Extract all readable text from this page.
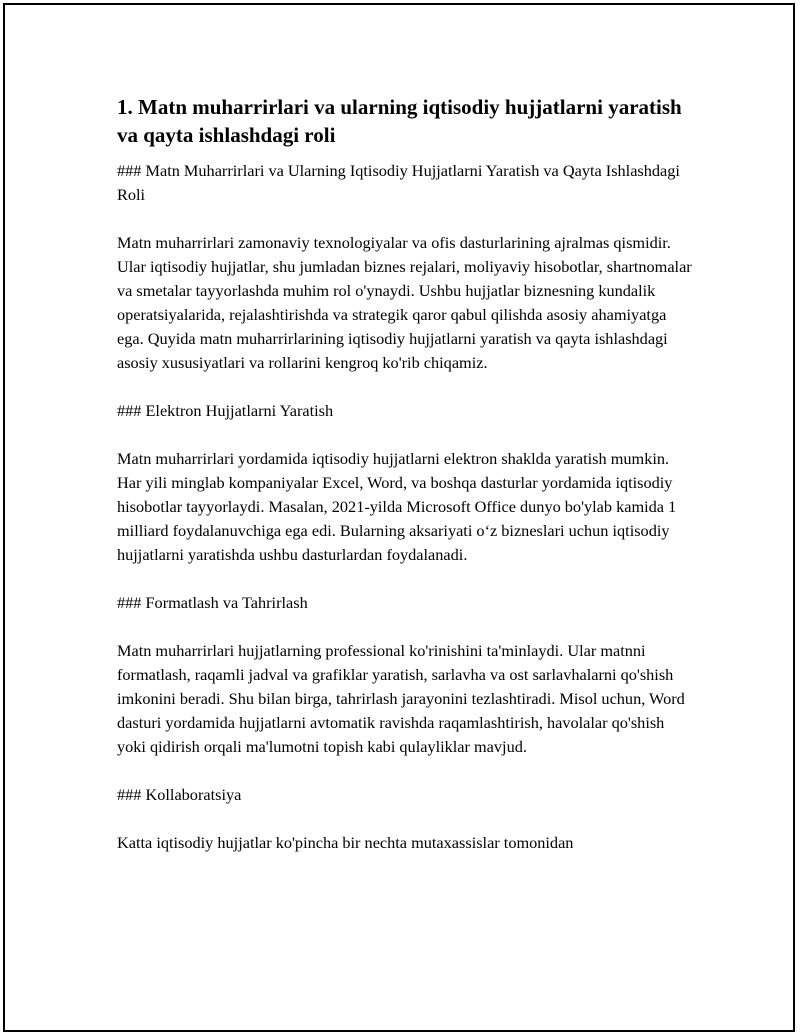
1. Matn muharrirlari va ularning iqtisodiy hujjatlarni yaratish va qayta ishlashdagi roli

### Matn Muharrirlari va Ularning Iqtisodiy Hujjatlarni Yaratish va Qayta Ishlashdagi Roli

Matn muharrirlari zamonaviy texnologiyalar va ofis dasturlarining ajralmas qismidir. Ular iqtisodiy hujjatlar, shu jumladan biznes rejalari, moliyaviy hisobotlar, shartnomalar va smetalar tayyorlashda muhim rol o'ynaydi. Ushbu hujjatlar biznesning kundalik operatsiyalarida, rejalashtirishda va strategik qaror qabul qilishda asosiy ahamiyatga ega. Quyida matn muharrirlarining iqtisodiy hujjatlarni yaratish va qayta ishlashdagi asosiy xususiyatlari va rollarini kengroq ko'rib chiqamiz.

### Elektron Hujjatlarni Yaratish

Matn muharrirlari yordamida iqtisodiy hujjatlarni elektron shaklda yaratish mumkin. Har yili minglab kompaniyalar Excel, Word, va boshqa dasturlar yordamida iqtisodiy hisobotlar tayyorlaydi. Masalan, 2021-yilda Microsoft Office dunyo bo'ylab kamida 1 milliard foydalanuvchiga ega edi. Bularning aksariyati o‘z bizneslari uchun iqtisodiy hujjatlarni yaratishda ushbu dasturlardan foydalanadi.

### Formatlash va Tahrirlash

Matn muharrirlari hujjatlarning professional ko'rinishini ta'minlaydi. Ular matnni formatlash, raqamli jadval va grafiklar yaratish, sarlavha va ost sarlavhalarni qo'shish imkonini beradi. Shu bilan birga, tahrirlash jarayonini tezlashtiradi. Misol uchun, Word dasturi yordamida hujjatlarni avtomatik ravishda raqamlashtirish, havolalar qo'shish yoki qidirish orqali ma'lumotni topish kabi qulayliklar mavjud.

### Kollaboratsiya

Katta iqtisodiy hujjatlar ko'pincha bir nechta mutaxassislar tomonidan
